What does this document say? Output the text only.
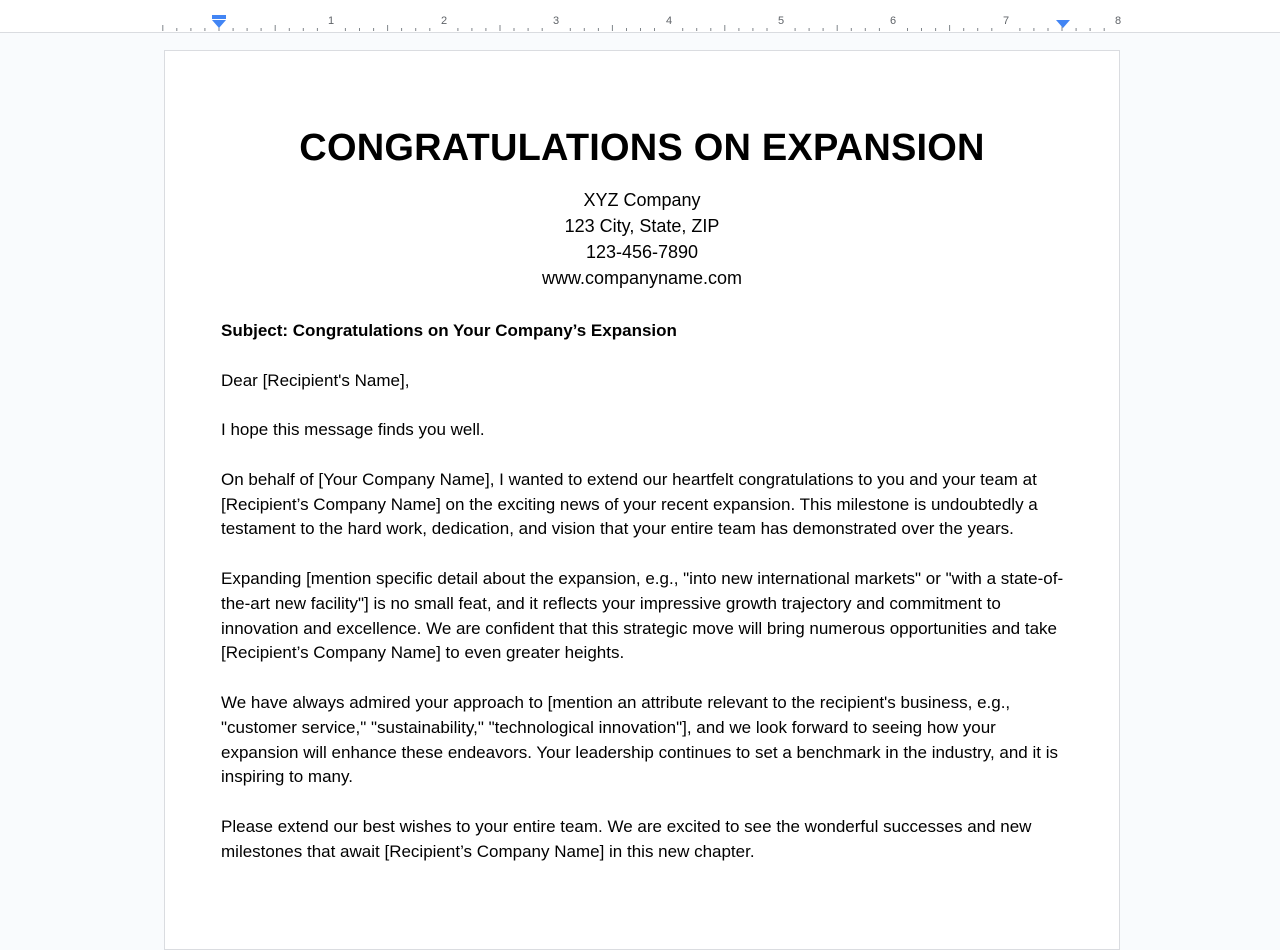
1	2	3	4	5	6	7	8
CONGRATULATIONS ON EXPANSION
XYZ Company
123 City, State, ZIP
123-456-7890
www.companyname.com

Subject: Congratulations on Your Company’s Expansion

Dear [Recipient's Name],

I hope this message finds you well.

On behalf of [Your Company Name], I wanted to extend our heartfelt congratulations to you and your team at [Recipient’s Company Name] on the exciting news of your recent expansion. This milestone is undoubtedly a testament to the hard work, dedication, and vision that your entire team has demonstrated over the years.

Expanding [mention specific detail about the expansion, e.g., "into new international markets" or "with a state-of-the-art new facility"] is no small feat, and it reflects your impressive growth trajectory and commitment to innovation and excellence. We are confident that this strategic move will bring numerous opportunities and take [Recipient’s Company Name] to even greater heights.

We have always admired your approach to [mention an attribute relevant to the recipient's business, e.g., "customer service," "sustainability," "technological innovation"], and we look forward to seeing how your expansion will enhance these endeavors. Your leadership continues to set a benchmark in the industry, and it is inspiring to many.

Please extend our best wishes to your entire team. We are excited to see the wonderful successes and new milestones that await [Recipient’s Company Name] in this new chapter.
